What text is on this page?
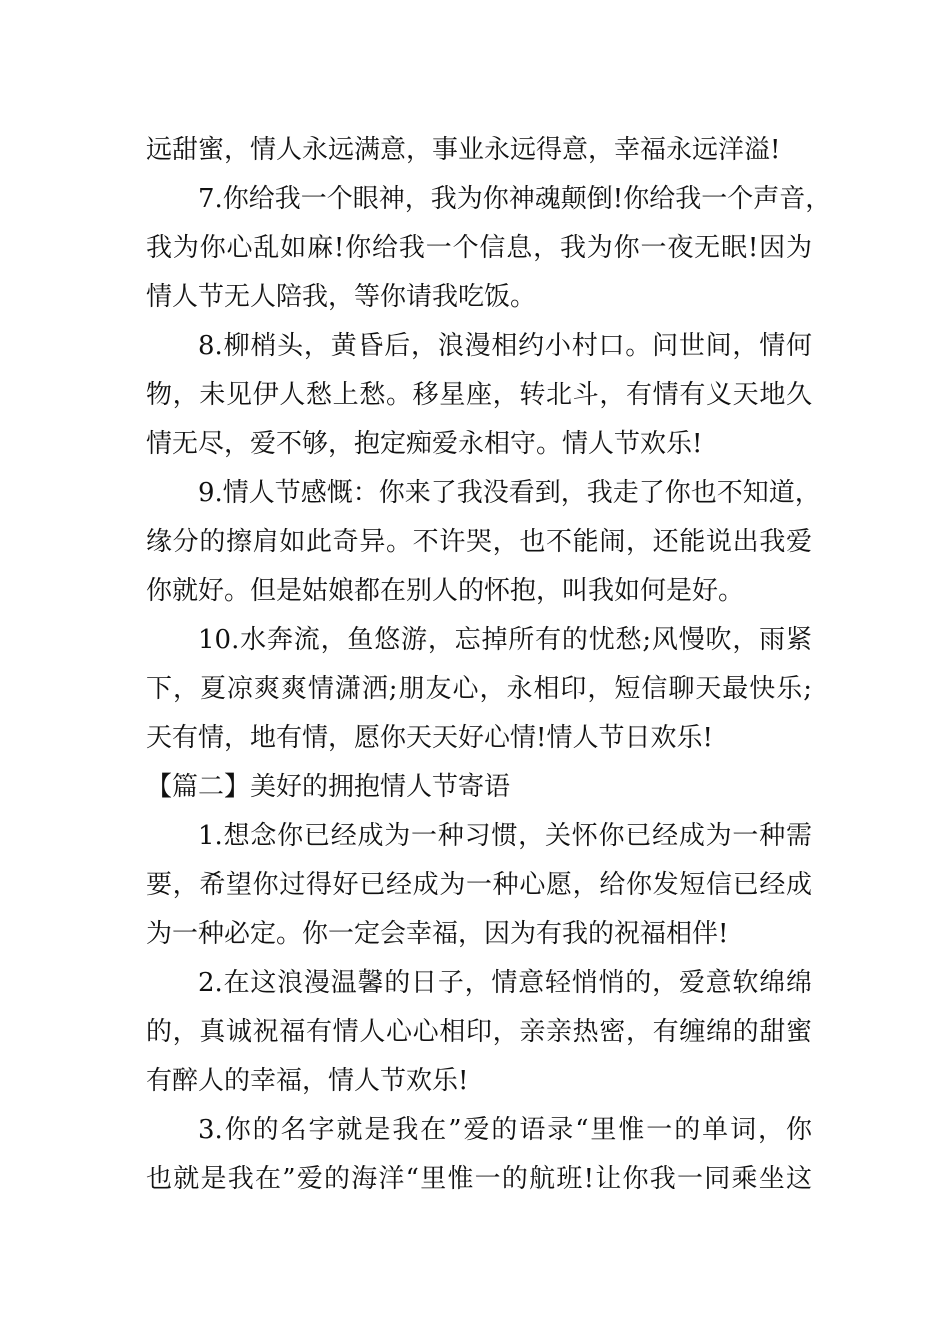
远甜蜜，情人永远满意，事业永远得意，幸福永远洋溢!
7.你给我一个眼神，我为你神魂颠倒!你给我一个声音，
我为你心乱如麻!你给我一个信息，我为你一夜无眠!因为
情人节无人陪我，等你请我吃饭。
8.柳梢头，黄昏后，浪漫相约小村口。问世间，情何
物，未见伊人愁上愁。移星座，转北斗，有情有义天地久
情无尽，爱不够，抱定痴爱永相守。情人节欢乐!
9.情人节感慨：你来了我没看到，我走了你也不知道，
缘分的擦肩如此奇异。不许哭，也不能闹，还能说出我爱
你就好。但是姑娘都在别人的怀抱，叫我如何是好。
10.水奔流，鱼悠游，忘掉所有的忧愁;风慢吹，雨紧
下，夏凉爽爽情潇洒;朋友心，永相印，短信聊天最快乐;
天有情，地有情，愿你天天好心情!情人节日欢乐!
【篇二】美好的拥抱情人节寄语
1.想念你已经成为一种习惯，关怀你已经成为一种需
要，希望你过得好已经成为一种心愿，给你发短信已经成
为一种必定。你一定会幸福，因为有我的祝福相伴!
2.在这浪漫温馨的日子，情意轻悄悄的，爱意软绵绵
的，真诚祝福有情人心心相印，亲亲热密，有缠绵的甜蜜
有醉人的幸福，情人节欢乐!
3.你的名字就是我在”爱的语录“里惟一的单词，你
也就是我在”爱的海洋“里惟一的航班!让你我一同乘坐这
